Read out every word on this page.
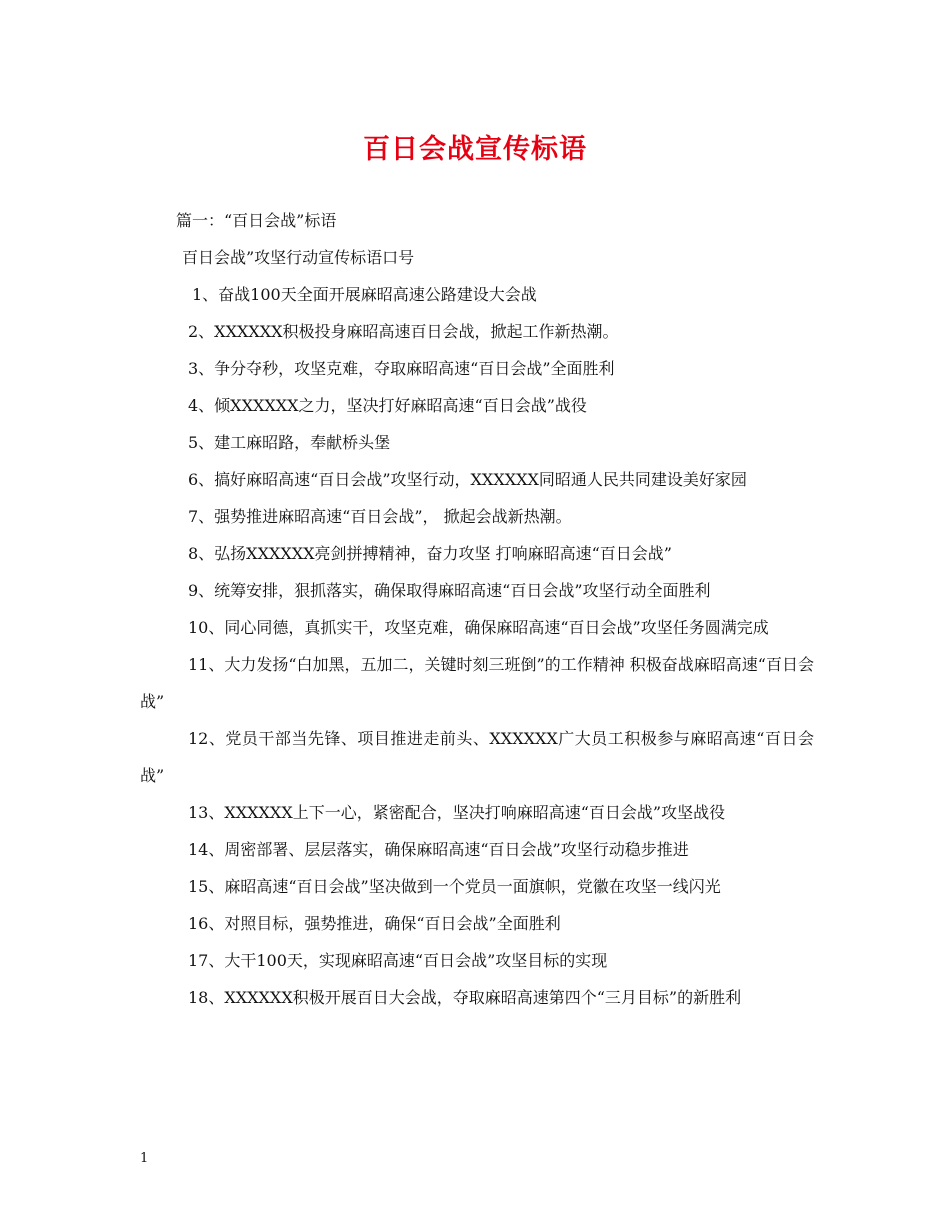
百日会战宣传标语

篇一：“百日会战”标语

百日会战”攻坚行动宣传标语口号

1、奋战100天全面开展麻昭高速公路建设大会战

2、XXXXXX积极投身麻昭高速百日会战，掀起工作新热潮。

3、争分夺秒，攻坚克难，夺取麻昭高速“百日会战”全面胜利

4、倾XXXXXX之力，坚决打好麻昭高速“百日会战”战役

5、建工麻昭路，奉献桥头堡

6、搞好麻昭高速“百日会战”攻坚行动，XXXXXX同昭通人民共同建设美好家园

7、强势推进麻昭高速“百日会战”， 掀起会战新热潮。

8、弘扬XXXXXX亮剑拼搏精神，奋力攻坚 打响麻昭高速“百日会战”

9、统筹安排，狠抓落实，确保取得麻昭高速“百日会战”攻坚行动全面胜利

10、同心同德，真抓实干，攻坚克难，确保麻昭高速“百日会战”攻坚任务圆满完成

11、大力发扬“白加黑，五加二，关键时刻三班倒”的工作精神 积极奋战麻昭高速“百日会战”

12、党员干部当先锋、项目推进走前头、XXXXXX广大员工积极参与麻昭高速“百日会战”

13、XXXXXX上下一心，紧密配合，坚决打响麻昭高速“百日会战”攻坚战役

14、周密部署、层层落实，确保麻昭高速“百日会战”攻坚行动稳步推进

15、麻昭高速“百日会战”坚决做到一个党员一面旗帜，党徽在攻坚一线闪光

16、对照目标，强势推进，确保“百日会战”全面胜利

17、大干100天，实现麻昭高速“百日会战”攻坚目标的实现

18、XXXXXX积极开展百日大会战，夺取麻昭高速第四个“三月目标”的新胜利

1
